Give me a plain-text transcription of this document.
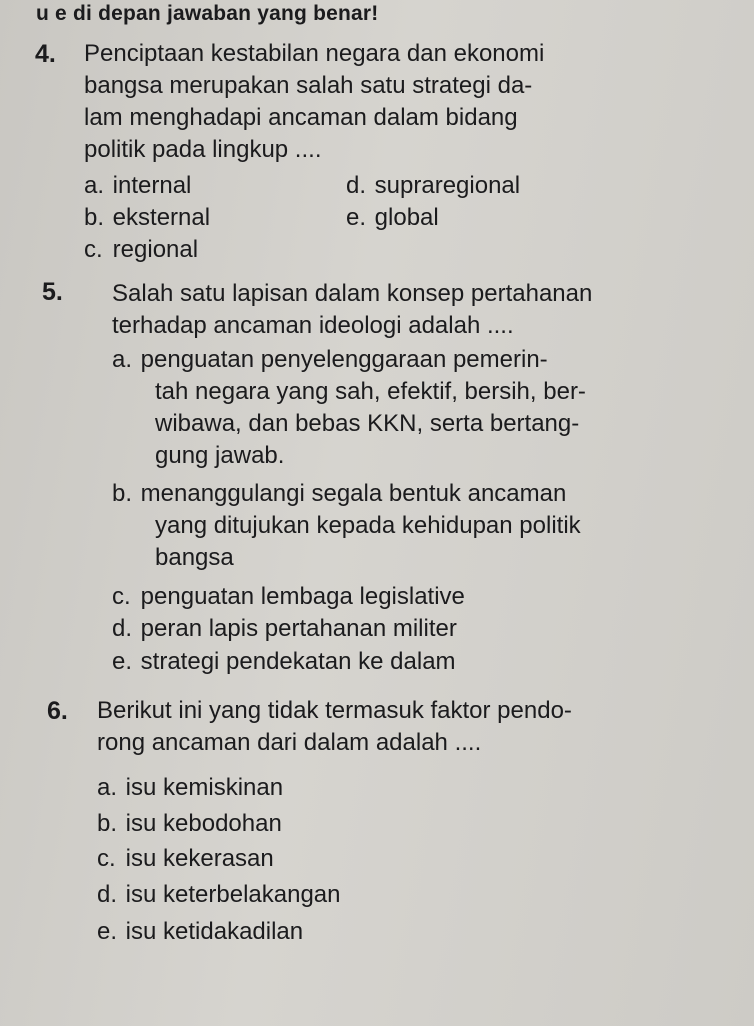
u e di depan jawaban yang benar!
4. Penciptaan kestabilan negara dan ekonomi
bangsa merupakan salah satu strategi da-
lam menghadapi ancaman dalam bidang
politik pada lingkup ....
a. internal
b. eksternal
c. regional
d. supraregional
e. global
5. Salah satu lapisan dalam konsep pertahanan
terhadap ancaman ideologi adalah ....
a. penguatan penyelenggaraan pemerin-
tah negara yang sah, efektif, bersih, ber-
wibawa, dan bebas KKN, serta bertang-
gung jawab.
b. menanggulangi segala bentuk ancaman
yang ditujukan kepada kehidupan politik
bangsa
c. penguatan lembaga legislative
d. peran lapis pertahanan militer
e. strategi pendekatan ke dalam
6. Berikut ini yang tidak termasuk faktor pendo-
rong ancaman dari dalam adalah ....
a. isu kemiskinan
b. isu kebodohan
c. isu kekerasan
d. isu keterbelakangan
e. isu ketidakadilan
